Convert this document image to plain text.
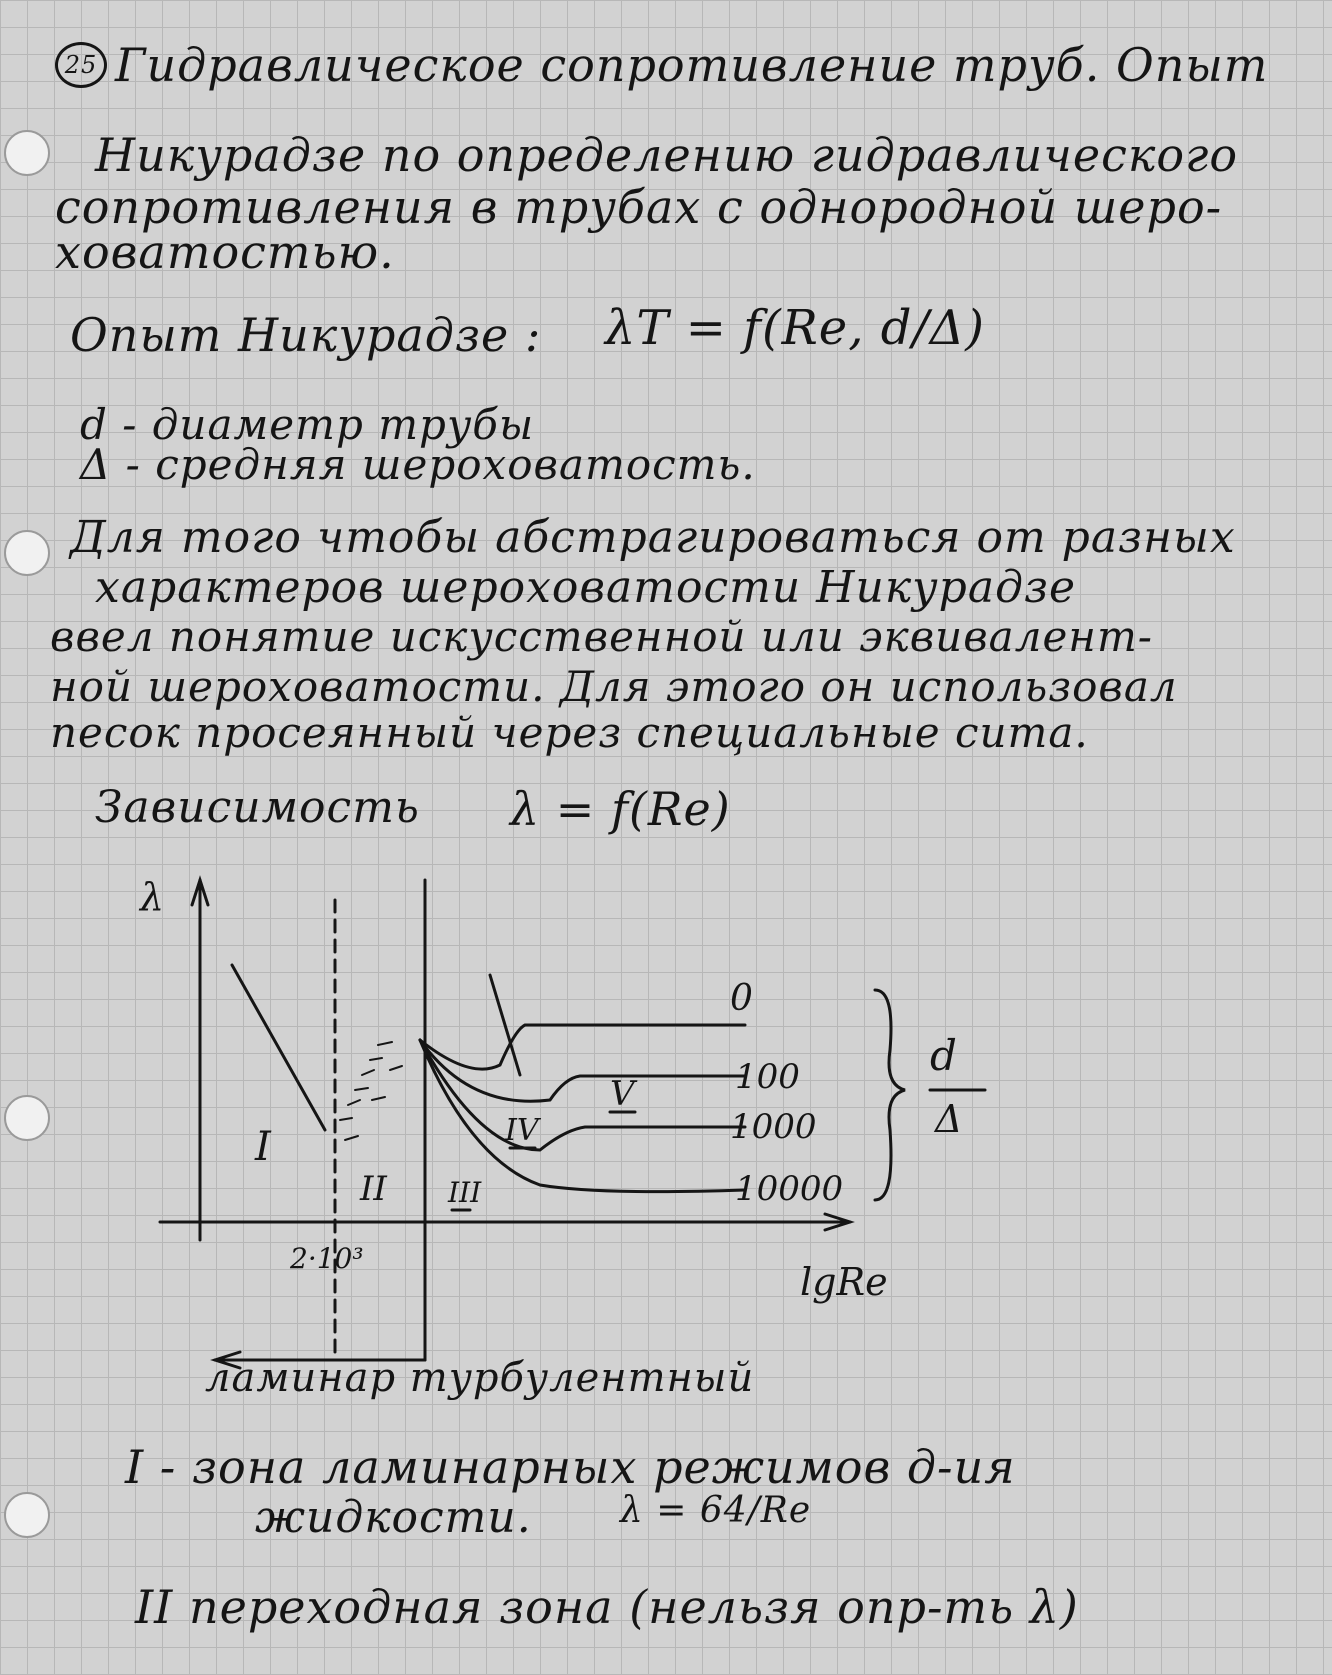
25 Гидравлическое сопротивление труб. Опыт
Никурадзе по определению гидравлического
сопротивления в трубах с однородной шеро-
ховатостью.
Опыт Никурадзе : λT = f(Re, d/Δ)
d - диаметр трубы
Δ - средняя шероховатость.
Для того чтобы абстрагироваться от разных
характеров шероховатости Никурадзе
ввел понятие искусственной или эквивалент-
ной шероховатости. Для этого он использовал
песок просеянный через специальные сита.
Зависимость λ = f(Re)
ламинар турбулентный
I - зона ламинарных режимов д-ия
жидкости. λ = 64/Re
II переходная зона (нельзя опр-ть λ)
λ
lgRe
2·10³
I
II III
IV
V
0
100
1000
10000
d
Δ
